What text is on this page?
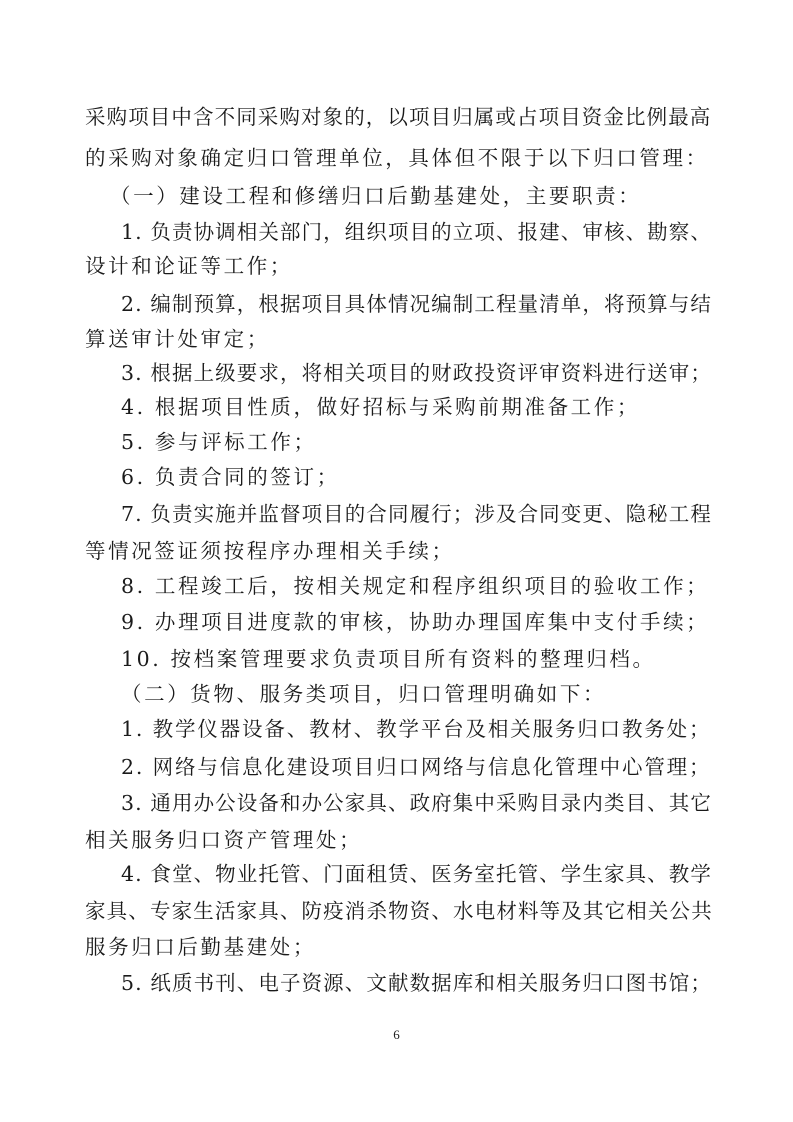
采购项目中含不同采购对象的，以项目归属或占项目资金比例最高
的采购对象确定归口管理单位，具体但不限于以下归口管理：
（一）建设工程和修缮归口后勤基建处，主要职责：
1. 负责协调相关部门，组织项目的立项、报建、审核、勘察、
设计和论证等工作；
2. 编制预算，根据项目具体情况编制工程量清单，将预算与结
算送审计处审定；
3. 根据上级要求，将相关项目的财政投资评审资料进行送审；
4. 根据项目性质，做好招标与采购前期准备工作；
5. 参与评标工作；
6. 负责合同的签订；
7. 负责实施并监督项目的合同履行；涉及合同变更、隐秘工程
等情况签证须按程序办理相关手续；
8. 工程竣工后，按相关规定和程序组织项目的验收工作；
9. 办理项目进度款的审核，协助办理国库集中支付手续；
10. 按档案管理要求负责项目所有资料的整理归档。
（二）货物、服务类项目，归口管理明确如下：
1. 教学仪器设备、教材、教学平台及相关服务归口教务处；
2. 网络与信息化建设项目归口网络与信息化管理中心管理；
3. 通用办公设备和办公家具、政府集中采购目录内类目、其它
相关服务归口资产管理处；
4. 食堂、物业托管、门面租赁、医务室托管、学生家具、教学
家具、专家生活家具、防疫消杀物资、水电材料等及其它相关公共
服务归口后勤基建处；
5. 纸质书刊、电子资源、文献数据库和相关服务归口图书馆；
6
